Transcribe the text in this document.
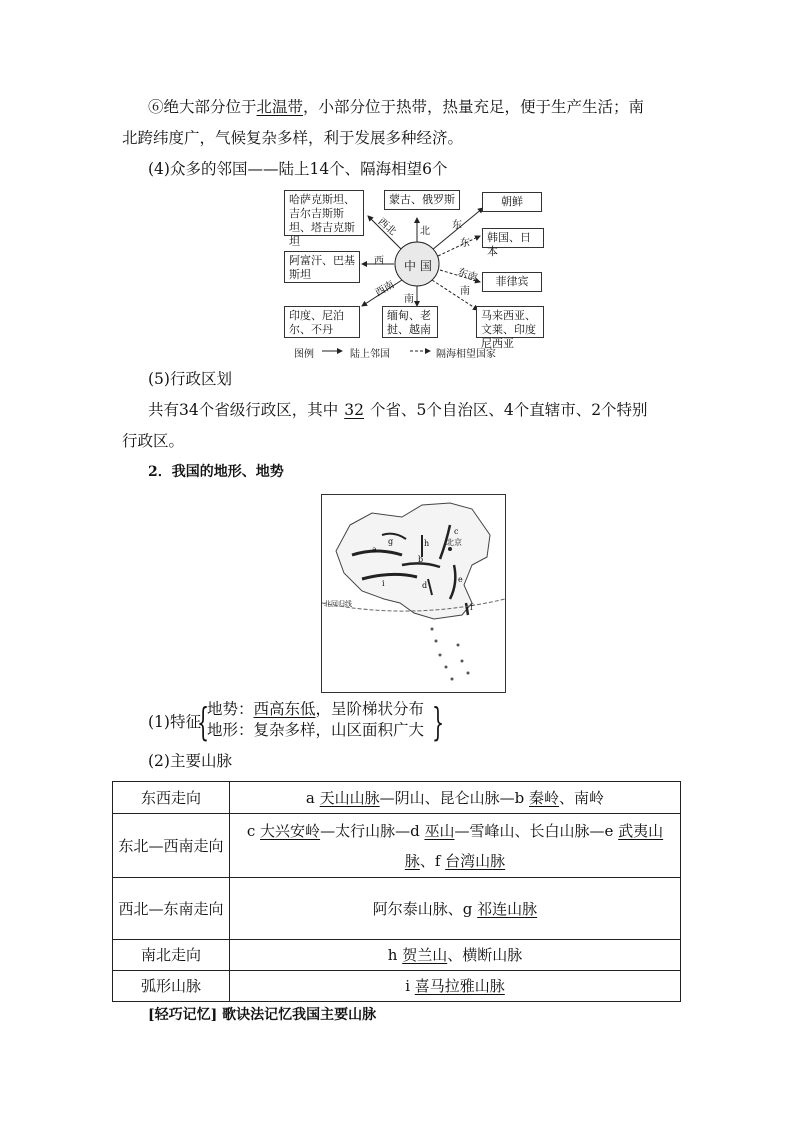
⑥绝大部分位于北温带，小部分位于热带，热量充足，便于生产生活；南
北跨纬度广，气候复杂多样，利于发展多种经济。
(4)众多的邻国——陆上14个、隔海相望6个
中 国
哈萨克斯坦、吉尔吉斯斯坦、塔吉克斯坦
蒙古、俄罗斯	朝鲜
韩国、日本
阿富汗、巴基斯坦
菲律宾
印度、尼泊尔、不丹
缅甸、老挝、越南
马来西亚、文莱、印度尼西亚
西北 北
东
东
西
东南
南
西南
南
图例	陆上邻国	隔海相望国家
(5)行政区划
共有34个省级行政区，其中 32 个省、5个自治区、4个直辖市、2个特别
行政区。
2．我国的地形、地势
北京
北回归线
a
b
c
d
e
f
g	h
i
(1)特征
{
地势：西高东低，呈阶梯状分布
地形：复杂多样，山区面积广大 }
(2)主要山脉
东西走向	a 天山山脉—阴山、昆仑山脉—b 秦岭、南岭
东北—西南走向	c 大兴安岭—太行山脉—d 巫山—雪峰山、长白山脉—e 武夷山脉、f 台湾山脉
西北—东南走向	阿尔泰山脉、g 祁连山脉
南北走向	h 贺兰山、横断山脉
弧形山脉	i 喜马拉雅山脉
[轻巧记忆] 歌诀法记忆我国主要山脉
